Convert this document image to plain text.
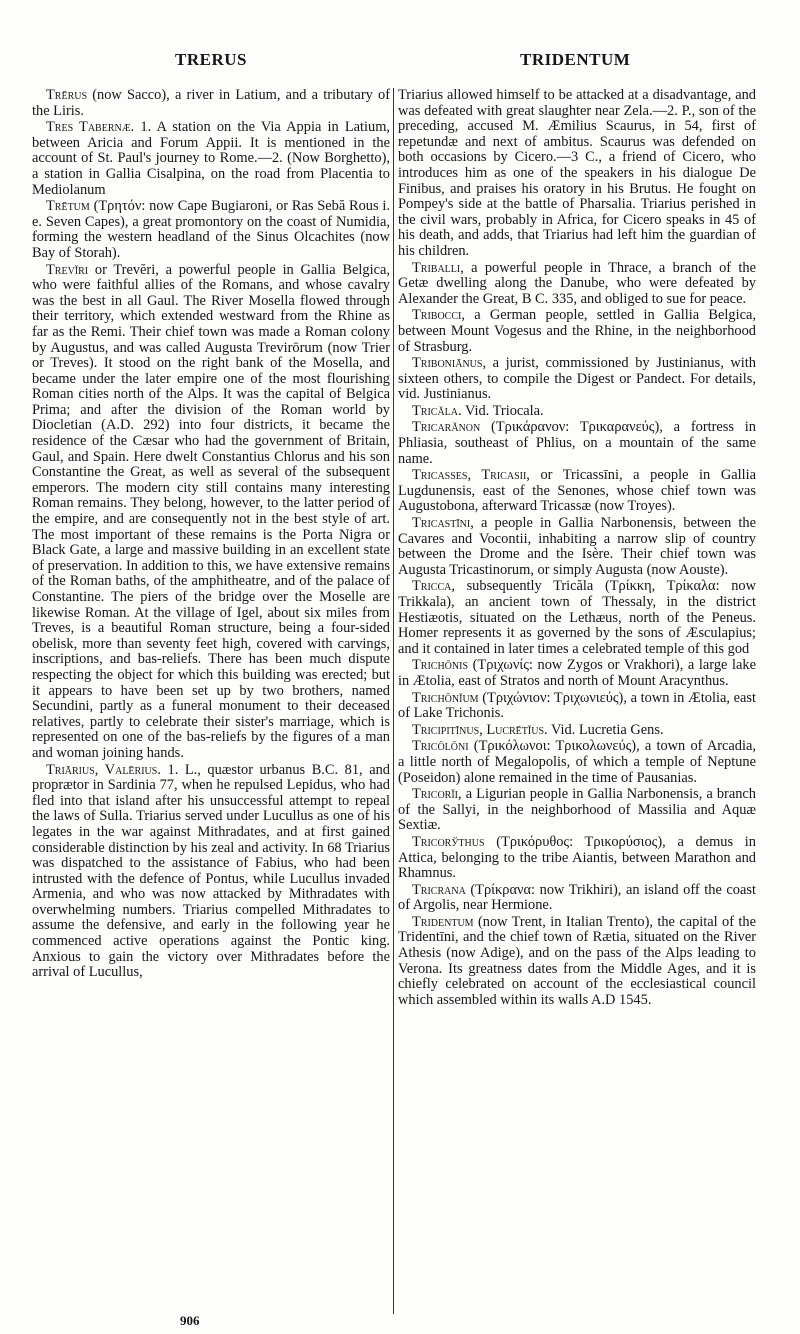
TRERUS	TRIDENTUM

Trērus (now Sacco), a river in Latium, and a tributary of the Liris.

Tres Tabernæ. 1. A station on the Via Appia in Latium, between Aricia and Forum Appii. It is mentioned in the account of St. Paul's journey to Rome.—2. (Now Borghetto), a station in Gallia Cisalpina, on the road from Placentia to Mediolanum

Trētum (Τρητόν: now Cape Bugiaroni, or Ras Sebă Rous i. e. Seven Capes), a great promontory on the coast of Numidia, forming the western headland of the Sinus Olcachites (now Bay of Storah).

Trevĭri or Trevĕri, a powerful people in Gallia Belgica, who were faithful allies of the Romans, and whose cavalry was the best in all Gaul. The River Mosella flowed through their territory, which extended westward from the Rhine as far as the Remi. Their chief town was made a Roman colony by Augustus, and was called Augusta Trevirōrum (now Trier or Treves). It stood on the right bank of the Mosella, and became under the later empire one of the most flourishing Roman cities north of the Alps. It was the capital of Belgica Prima; and after the division of the Roman world by Diocletian (A.D. 292) into four districts, it became the residence of the Cæsar who had the government of Britain, Gaul, and Spain. Here dwelt Constantius Chlorus and his son Constantine the Great, as well as several of the subsequent emperors. The modern city still contains many interesting Roman remains. They belong, however, to the latter period of the empire, and are consequently not in the best style of art. The most important of these remains is the Porta Nigra or Black Gate, a large and massive building in an excellent state of preservation. In addition to this, we have extensive remains of the Roman baths, of the amphitheatre, and of the palace of Constantine. The piers of the bridge over the Moselle are likewise Roman. At the village of Igel, about six miles from Treves, is a beautiful Roman structure, being a four-sided obelisk, more than seventy feet high, covered with carvings, inscriptions, and bas-reliefs. There has been much dispute respecting the object for which this building was erected; but it appears to have been set up by two brothers, named Secundini, partly as a funeral monument to their deceased relatives, partly to celebrate their sister's marriage, which is represented on one of the bas-reliefs by the figures of a man and woman joining hands.

Triārius, Valērius. 1. L., quæstor urbanus B.C. 81, and proprætor in Sardinia 77, when he repulsed Lepidus, who had fled into that island after his unsuccessful attempt to repeal the laws of Sulla. Triarius served under Lucullus as one of his legates in the war against Mithradates, and at first gained considerable distinction by his zeal and activity. In 68 Triarius was dispatched to the assistance of Fabius, who had been intrusted with the defence of Pontus, while Lucullus invaded Armenia, and who was now attacked by Mithradates with overwhelming numbers. Triarius compelled Mithradates to assume the defensive, and early in the following year he commenced active operations against the Pontic king. Anxious to gain the victory over Mithradates before the arrival of Lucullus,

Triarius allowed himself to be attacked at a disadvantage, and was defeated with great slaughter near Zela.—2. P., son of the preceding, accused M. Æmilius Scaurus, in 54, first of repetundæ and next of ambitus. Scaurus was defended on both occasions by Cicero.—3 C., a friend of Cicero, who introduces him as one of the speakers in his dialogue De Finibus, and praises his oratory in his Brutus. He fought on Pompey's side at the battle of Pharsalia. Triarius perished in the civil wars, probably in Africa, for Cicero speaks in 45 of his death, and adds, that Triarius had left him the guardian of his children.

Triballi, a powerful people in Thrace, a branch of the Getæ dwelling along the Danube, who were defeated by Alexander the Great, B C. 335, and obliged to sue for peace.

Tribocci, a German people, settled in Gallia Belgica, between Mount Vogesus and the Rhine, in the neighborhood of Strasburg.

Triboniānus, a jurist, commissioned by Justinianus, with sixteen others, to compile the Digest or Pandect. For details, vid. Justinianus.

Tricăla. Vid. Triocala.

Tricarănon (Τρικάρανον: Τρικαρανεύς), a fortress in Phliasia, southeast of Phlius, on a mountain of the same name.

Tricasses, Tricasii, or Tricassīni, a people in Gallia Lugdunensis, east of the Senones, whose chief town was Augustobona, afterward Tricassæ (now Troyes).

Tricastīni, a people in Gallia Narbonensis, between the Cavares and Vocontii, inhabiting a narrow slip of country between the Drome and the Isère. Their chief town was Augusta Tricastinorum, or simply Augusta (now Aouste).

Tricca, subsequently Tricăla (Τρίκκη, Τρίκαλα: now Trikkala), an ancient town of Thessaly, in the district Hestiæotis, situated on the Lethæus, north of the Peneus. Homer represents it as governed by the sons of Æsculapius; and it contained in later times a celebrated temple of this god

Trichōnis (Τριχωνίς: now Zygos or Vrakhori), a large lake in Ætolia, east of Stratos and north of Mount Aracynthus.

Trichōnĭum (Τριχώνιον: Τριχωνιεύς), a town in Ætolia, east of Lake Trichonis.

Tricipitīnus, Lucrētĭus. Vid. Lucretia Gens.

Tricŏlōni (Τρικόλωνοι: Τρικολωνεύς), a town of Arcadia, a little north of Megalopolis, of which a temple of Neptune (Poseidon) alone remained in the time of Pausanias.

Tricorĭi, a Ligurian people in Gallia Narbonensis, a branch of the Sallyi, in the neighborhood of Massilia and Aquæ Sextiæ.

Tricorўthus (Τρικόρυθος: Τρικορύσιος), a demus in Attica, belonging to the tribe Aiantis, between Marathon and Rhamnus.

Tricrana (Τρίκρανα: now Trikhiri), an island off the coast of Argolis, near Hermione.

Tridentum (now Trent, in Italian Trento), the capital of the Tridentīni, and the chief town of Rætia, situated on the River Athesis (now Adige), and on the pass of the Alps leading to Verona. Its greatness dates from the Middle Ages, and it is chiefly celebrated on account of the ecclesiastical council which assembled within its walls A.D 1545.

906
